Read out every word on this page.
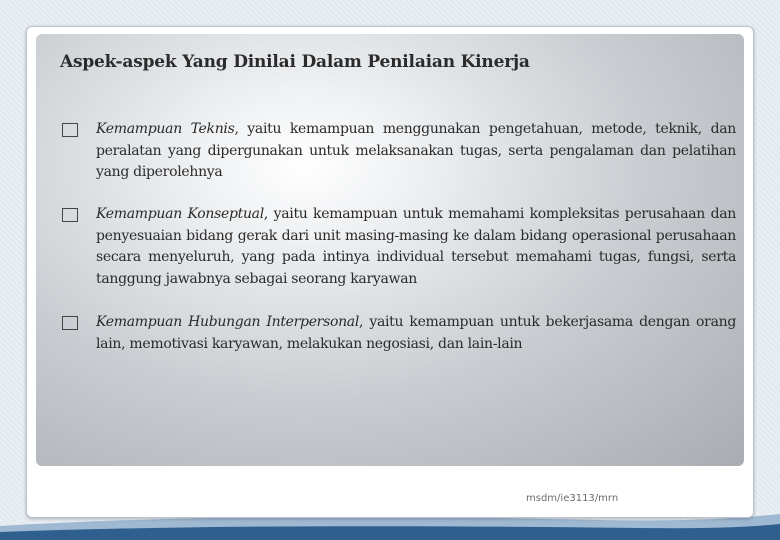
Aspek-aspek Yang Dinilai Dalam Penilaian Kinerja
Kemampuan Teknis, yaitu kemampuan menggunakan pengetahuan, metode, teknik, dan peralatan yang dipergunakan untuk melaksanakan tugas, serta pengalaman dan pelatihan yang diperolehnya
Kemampuan Konseptual, yaitu kemampuan untuk memahami kompleksitas perusahaan dan penyesuaian bidang gerak dari unit masing-masing ke dalam bidang operasional perusahaan secara menyeluruh, yang pada intinya individual tersebut memahami tugas, fungsi, serta tanggung jawabnya sebagai seorang karyawan
Kemampuan Hubungan Interpersonal, yaitu kemampuan untuk bekerjasama dengan orang lain, memotivasi karyawan, melakukan negosiasi, dan lain-lain
msdm/ie3113/mrn
